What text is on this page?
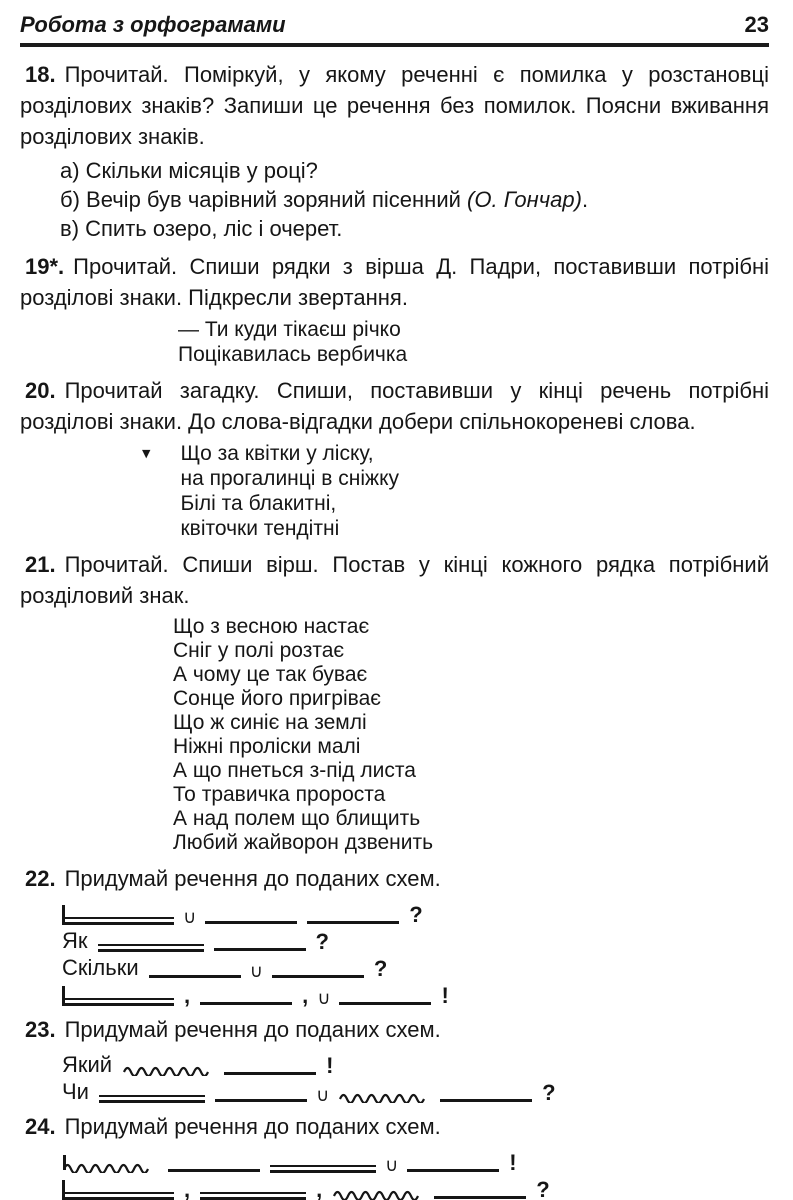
Робота з орфограмами	23

18. Прочитай. Поміркуй, у якому реченні є помилка у розстановці розділових знаків? Запиши це речення без помилок. Поясни вживання розділових знаків.

а) Скільки місяців у році?

б) Вечір був чарівний зоряний пісенний (О. Гончар).

в) Спить озеро, ліс і очерет.

19*. Прочитай. Спиши рядки з вірша Д. Падри, поставивши потрібні розділові знаки. Підкресли звертання.

— Ти куди тікаєш річко
Поцікавилась вербичка

20. Прочитай загадку. Спиши, поставивши у кінці речень потрібні розділові знаки. До слова-відгадки добери спільнокореневі слова.

▼ Що за квітки у ліску,
на прогалинці в сніжку
Білі та блакитні,
квіточки тендітні

21. Прочитай. Спиши вірш. Постав у кінці кожного рядка потрібний розділовий знак.

Що з весною настає
Сніг у полі розтає
А чому це так буває
Сонце його пригріває
Що ж синіє на землі
Ніжні проліски малі
А що пнеться з-під листа
То травичка пророста
А над полем що блищить
Любий жайворон дзвенить

22. Придумай речення до поданих схем.

∪	?
Як	?
Скільки	∪	?
,	, ∪	!

23. Придумай речення до поданих схем.

Який	!
Чи	∪	?

24. Придумай речення до поданих схем.

∪	!
,	,	?
